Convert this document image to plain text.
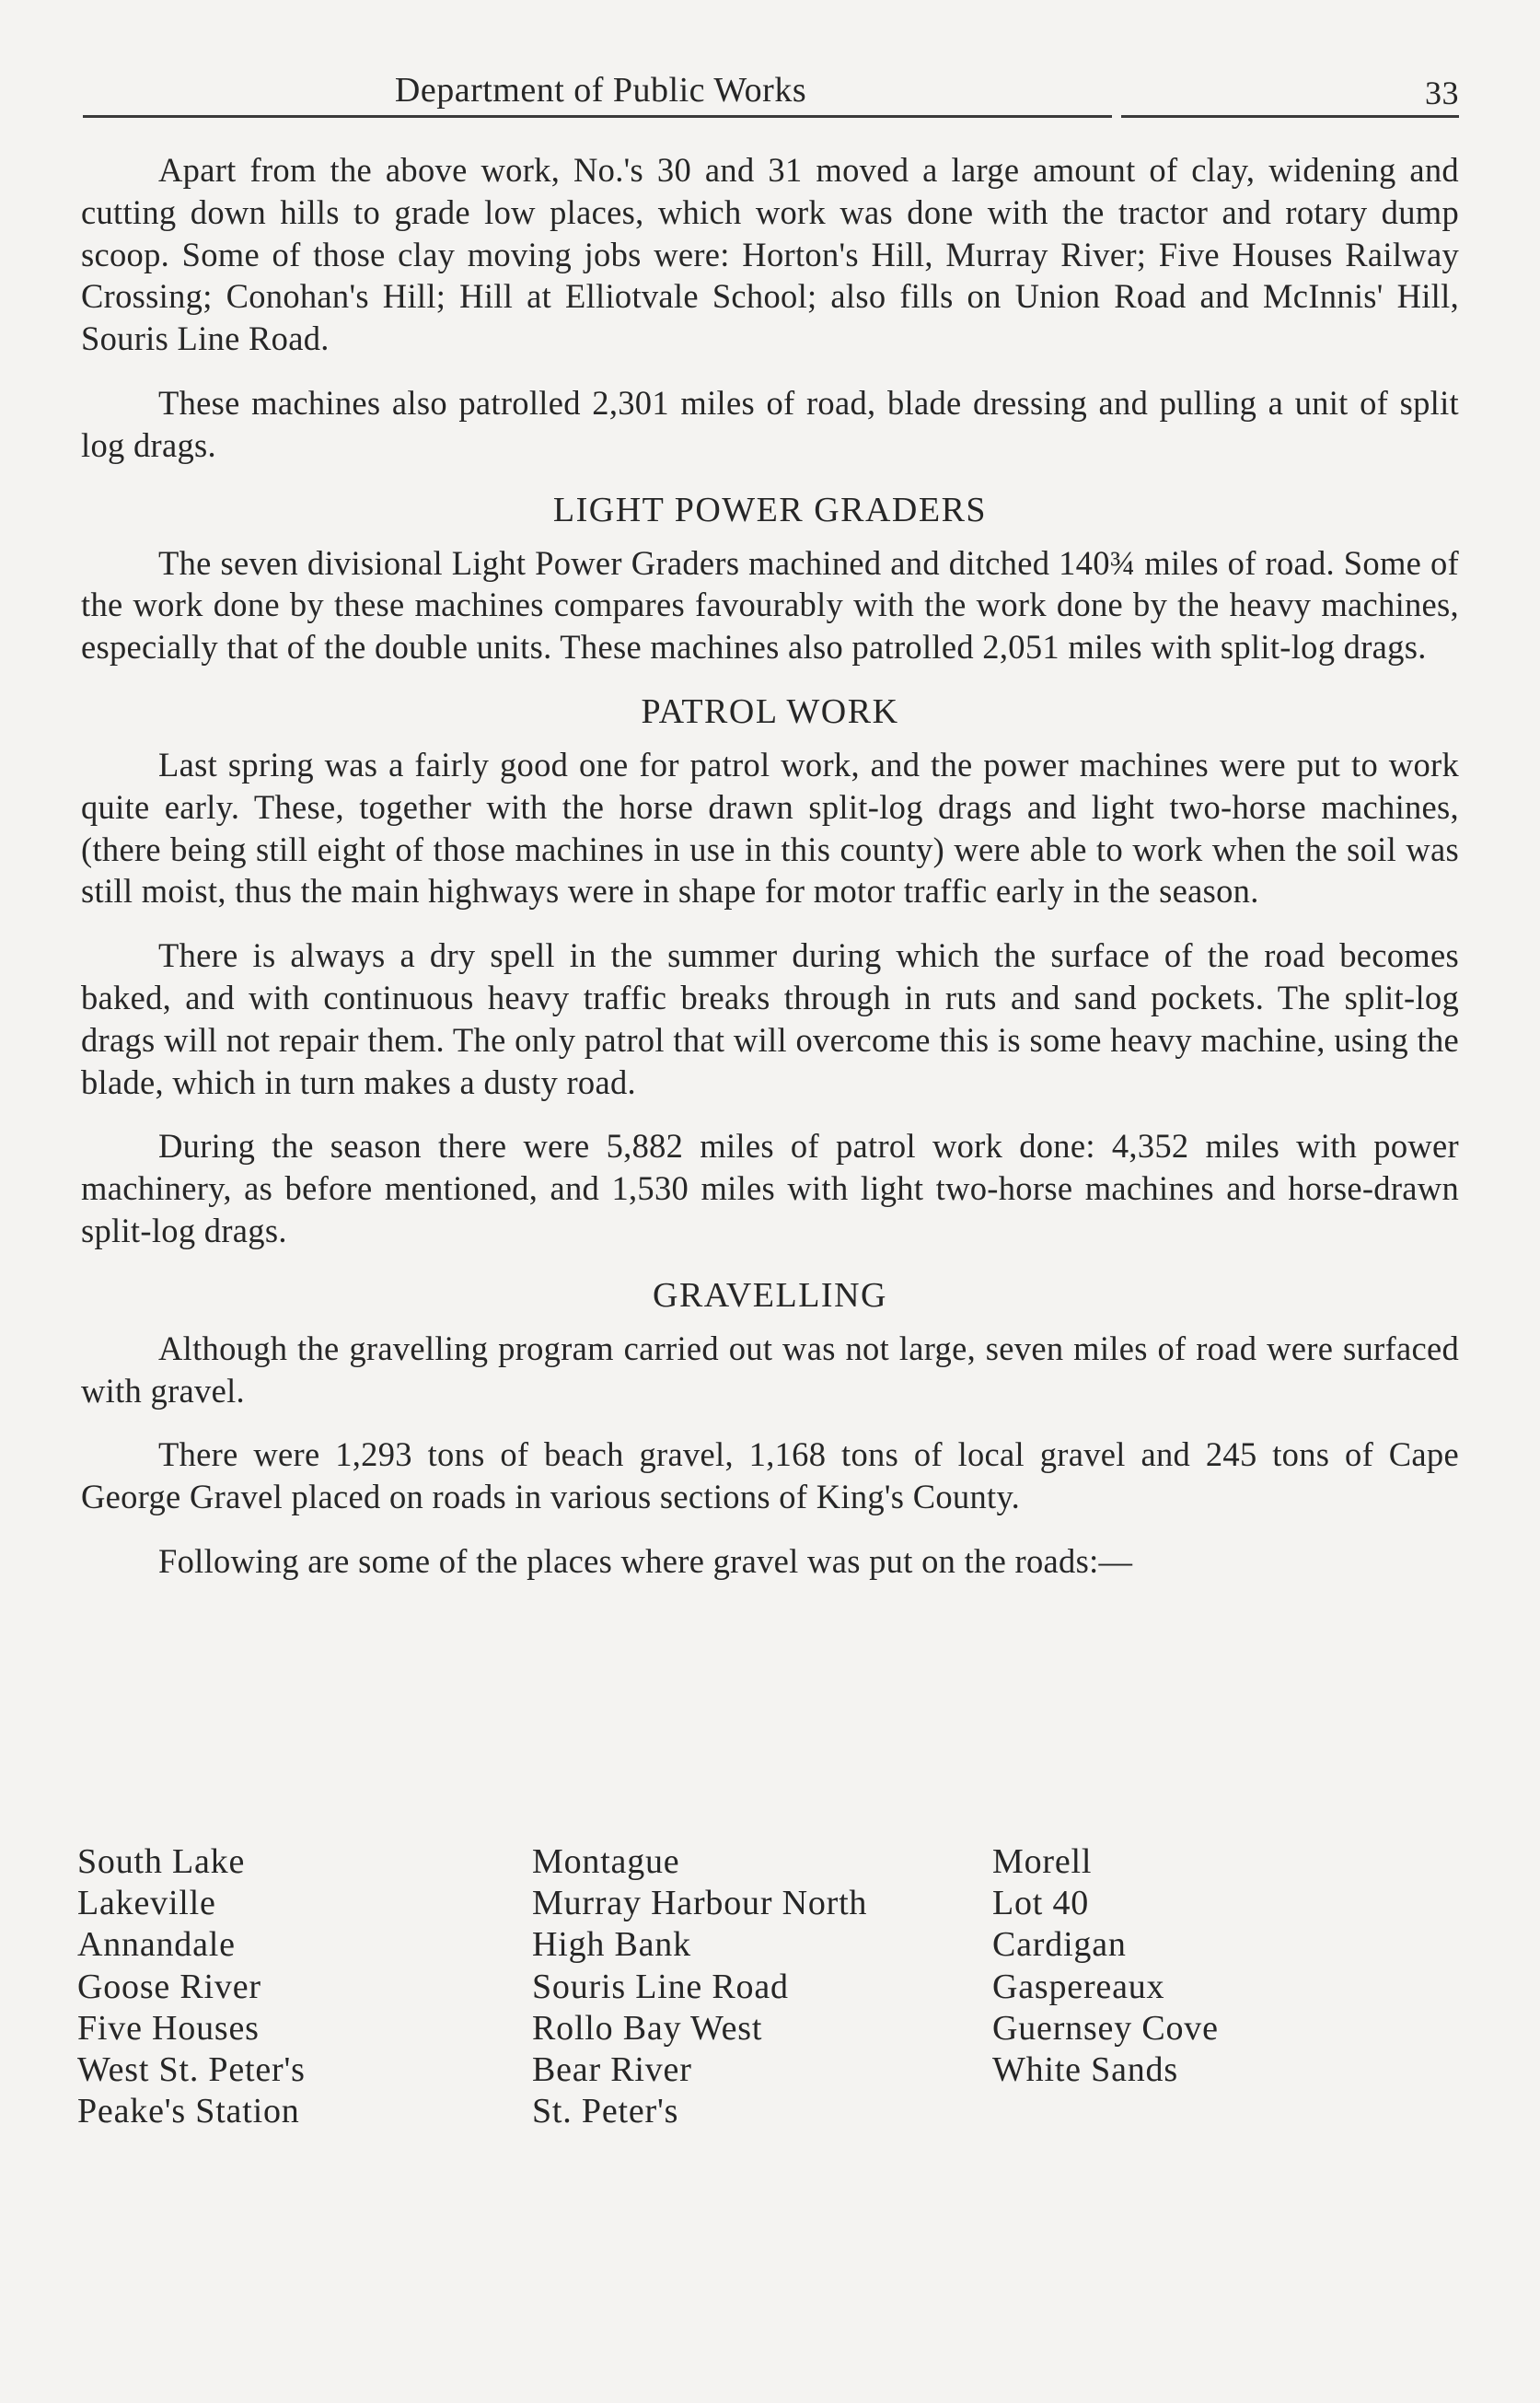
Department of Public Works	33

Apart from the above work, No.'s 30 and 31 moved a large amount of clay, widening and cutting down hills to grade low places, which work was done with the tractor and rotary dump scoop. Some of those clay moving jobs were: Horton's Hill, Murray River; Five Houses Railway Crossing; Conohan's Hill; Hill at Elliotvale School; also fills on Union Road and McInnis' Hill, Souris Line Road.

These machines also patrolled 2,301 miles of road, blade dressing and pulling a unit of split log drags.

LIGHT POWER GRADERS

The seven divisional Light Power Graders machined and ditched 140¾ miles of road. Some of the work done by these machines compares favourably with the work done by the heavy machines, especially that of the double units. These machines also patrolled 2,051 miles with split-log drags.

PATROL WORK

Last spring was a fairly good one for patrol work, and the power machines were put to work quite early. These, together with the horse drawn split-log drags and light two-horse machines, (there being still eight of those machines in use in this county) were able to work when the soil was still moist, thus the main highways were in shape for motor traffic early in the season.

There is always a dry spell in the summer during which the surface of the road becomes baked, and with continuous heavy traffic breaks through in ruts and sand pockets. The split-log drags will not repair them. The only patrol that will overcome this is some heavy machine, using the blade, which in turn makes a dusty road.

During the season there were 5,882 miles of patrol work done: 4,352 miles with power machinery, as before mentioned, and 1,530 miles with light two-horse machines and horse-drawn split-log drags.

GRAVELLING

Although the gravelling program carried out was not large, seven miles of road were surfaced with gravel.

There were 1,293 tons of beach gravel, 1,168 tons of local gravel and 245 tons of Cape George Gravel placed on roads in various sections of King's County.

Following are some of the places where gravel was put on the roads:—

South Lake
Lakeville
Annandale
Goose River
Five Houses
West St. Peter's
Peake's Station
Montague
Murray Harbour North
High Bank
Souris Line Road
Rollo Bay West
Bear River
St. Peter's
Morell
Lot 40
Cardigan
Gaspereaux
Guernsey Cove
White Sands
